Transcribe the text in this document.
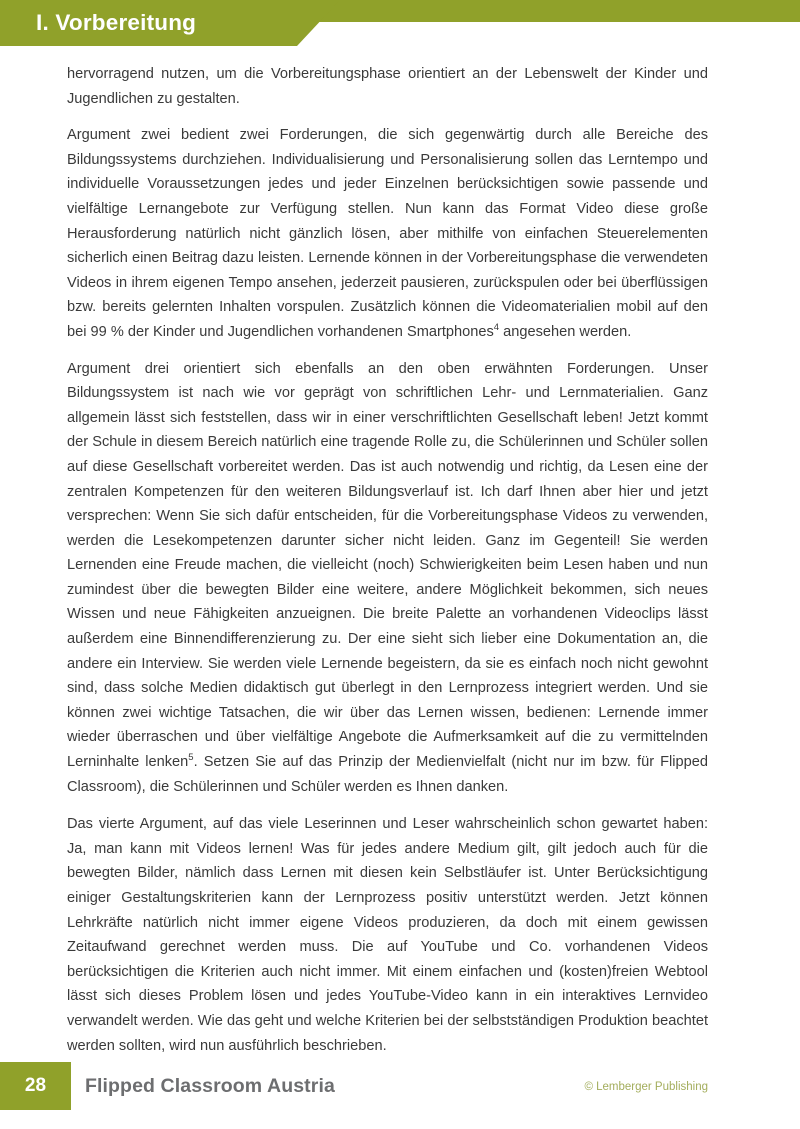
I. Vorbereitung

hervorragend nutzen, um die Vorbereitungsphase orientiert an der Lebenswelt der Kinder und Jugendlichen zu gestalten.

Argument zwei bedient zwei Forderungen, die sich gegenwärtig durch alle Bereiche des Bildungssystems durchziehen. Individualisierung und Personalisierung sollen das Lerntempo und individuelle Voraussetzungen jedes und jeder Einzelnen berücksichtigen sowie passende und vielfältige Lernangebote zur Verfügung stellen. Nun kann das Format Video diese große Herausforderung natürlich nicht gänzlich lösen, aber mithilfe von einfachen Steuerelementen sicherlich einen Beitrag dazu leisten. Lernende können in der Vorbereitungsphase die verwendeten Videos in ihrem eigenen Tempo ansehen, jederzeit pausieren, zurückspulen oder bei überflüssigen bzw. bereits gelernten Inhalten vorspulen. Zusätzlich können die Videomaterialien mobil auf den bei 99 % der Kinder und Jugendlichen vorhandenen Smartphones$^4$ angesehen werden.

Argument drei orientiert sich ebenfalls an den oben erwähnten Forderungen. Unser Bildungssystem ist nach wie vor geprägt von schriftlichen Lehr- und Lernmaterialien. Ganz allgemein lässt sich feststellen, dass wir in einer verschriftlichten Gesellschaft leben! Jetzt kommt der Schule in diesem Bereich natürlich eine tragende Rolle zu, die Schülerinnen und Schüler sollen auf diese Gesellschaft vorbereitet werden. Das ist auch notwendig und richtig, da Lesen eine der zentralen Kompetenzen für den weiteren Bildungsverlauf ist. Ich darf Ihnen aber hier und jetzt versprechen: Wenn Sie sich dafür entscheiden, für die Vorbereitungsphase Videos zu verwenden, werden die Lesekompetenzen darunter sicher nicht leiden. Ganz im Gegenteil! Sie werden Lernenden eine Freude machen, die vielleicht (noch) Schwierigkeiten beim Lesen haben und nun zumindest über die bewegten Bilder eine weitere, andere Möglichkeit bekommen, sich neues Wissen und neue Fähigkeiten anzueignen. Die breite Palette an vorhandenen Videoclips lässt außerdem eine Binnendifferenzierung zu. Der eine sieht sich lieber eine Dokumentation an, die andere ein Interview. Sie werden viele Lernende begeistern, da sie es einfach noch nicht gewohnt sind, dass solche Medien didaktisch gut überlegt in den Lernprozess integriert werden. Und sie können zwei wichtige Tatsachen, die wir über das Lernen wissen, bedienen: Lernende immer wieder überraschen und über vielfältige Angebote die Aufmerksamkeit auf die zu vermittelnden Lerninhalte lenken$^5$. Setzen Sie auf das Prinzip der Medienvielfalt (nicht nur im bzw. für Flipped Classroom), die Schülerinnen und Schüler werden es Ihnen danken.

Das vierte Argument, auf das viele Leserinnen und Leser wahrscheinlich schon gewartet haben: Ja, man kann mit Videos lernen! Was für jedes andere Medium gilt, gilt jedoch auch für die bewegten Bilder, nämlich dass Lernen mit diesen kein Selbstläufer ist. Unter Berücksichtigung einiger Gestaltungskriterien kann der Lernprozess positiv unterstützt werden. Jetzt können Lehrkräfte natürlich nicht immer eigene Videos produzieren, da doch mit einem gewissen Zeitaufwand gerechnet werden muss. Die auf YouTube und Co. vorhandenen Videos berücksichtigen die Kriterien auch nicht immer. Mit einem einfachen und (kosten)freien Webtool lässt sich dieses Problem lösen und jedes YouTube-Video kann in ein interaktives Lernvideo verwandelt werden. Wie das geht und welche Kriterien bei der selbstständigen Produktion beachtet werden sollten, wird nun ausführlich beschrieben.

28	Flipped Classroom Austria	© Lemberger Publishing
